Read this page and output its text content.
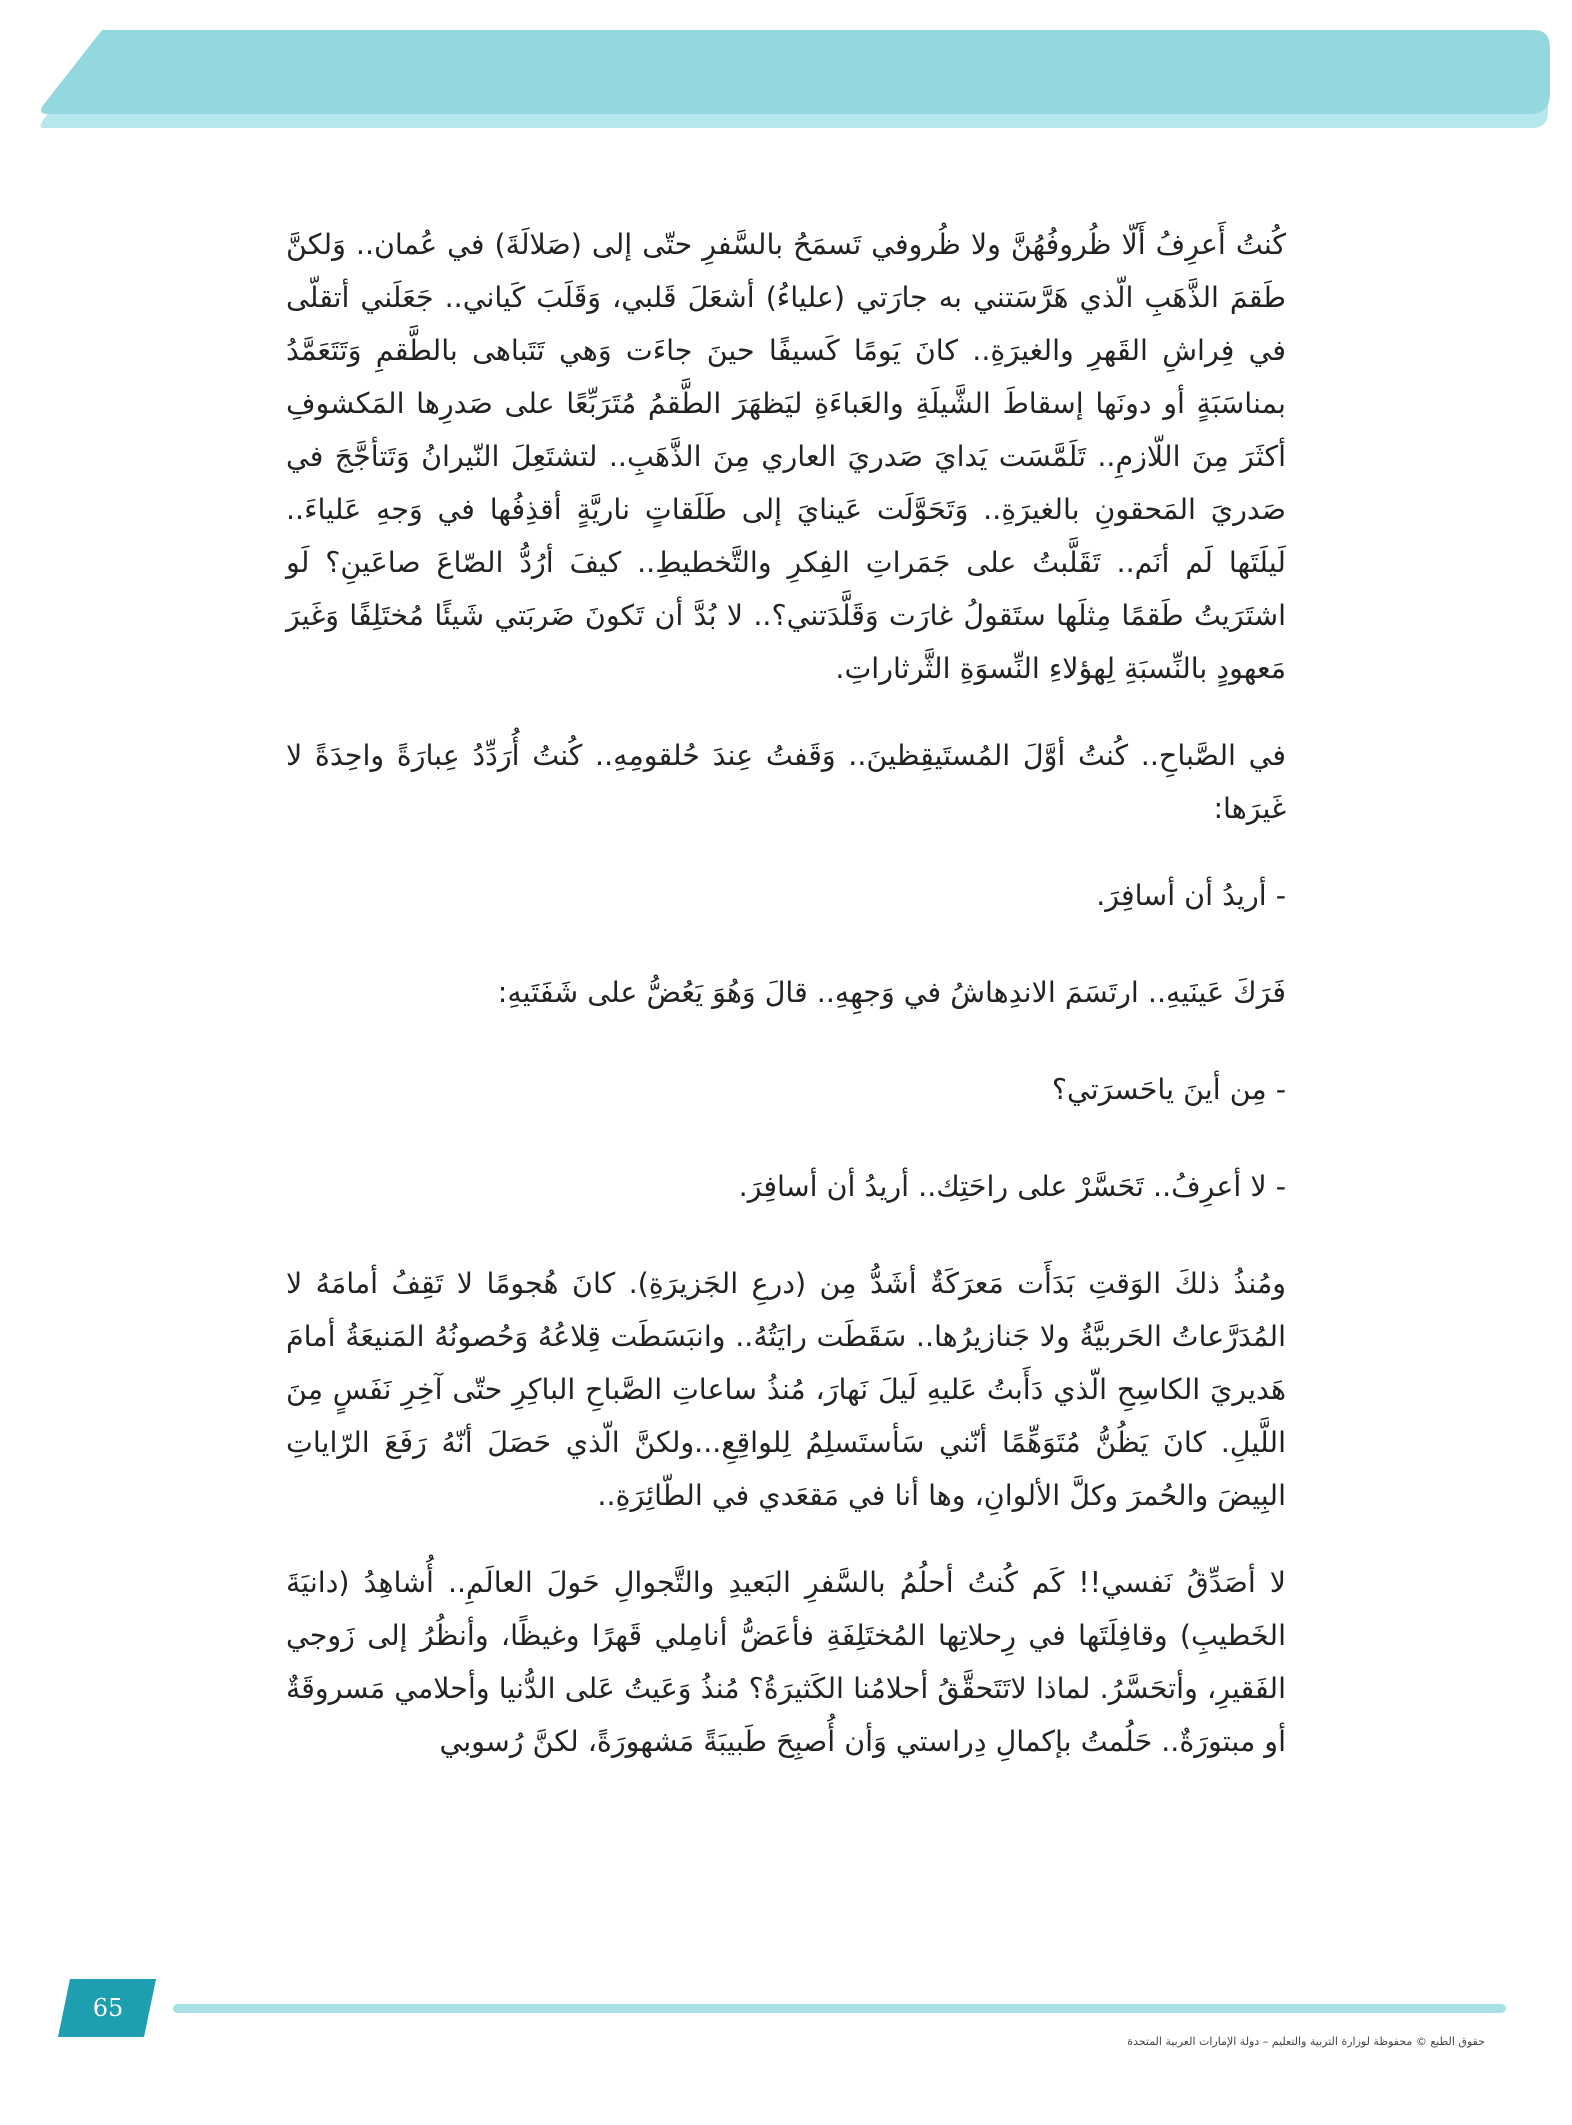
كُنتُ أَعرِفُ أَلّا ظُروفُهُنَّ ولا ظُروفي تَسمَحُ بالسَّفرِ حتّى إلى (صَلالَةَ) في عُمان.. وَلكنَّ طَقمَ الذَّهَبِ الّذي هَرَّسَتني به جارَتي (علياءُ) أشعَلَ قَلبي، وَقَلَبَ كَياني.. جَعَلَني أتقلّى في فِراشِ القَهرِ والغيرَةِ.. كانَ يَومًا كَسيفًا حينَ جاءَت وَهي تَتَباهى بالطَّقمِ وَتَتَعَمَّدُ بمناسَبَةٍ أو دونَها إسقاطَ الشَّيلَةِ والعَباءَةِ ليَظهَرَ الطَّقمُ مُتَرَبِّعًا على صَدرِها المَكشوفِ أكثَرَ مِنَ اللّازمِ.. تَلَمَّسَت يَدايَ صَدريَ العاري مِنَ الذَّهَبِ.. لتشتَعِلَ النّيرانُ وَتَتأجَّجَ في صَدريَ المَحقونِ بالغيرَةِ.. وَتَحَوَّلَت عَينايَ إلى طَلَقاتٍ ناريَّةٍ أقذِفُها في وَجهِ عَلياءَ.. لَيلَتَها لَم أنَم.. تَقَلَّبتُ على جَمَراتِ الفِكرِ والتَّخطيطِ.. كيفَ أرُدُّ الصّاعَ صاعَينِ؟ لَو اشتَرَيتُ طَقمًا مِثلَها ستَقولُ غارَت وَقَلَّدَتني؟.. لا بُدَّ أن تَكونَ ضَربَتي شَيئًا مُختَلِفًا وَغَيرَ مَعهودٍ بالنِّسبَةِ لِهؤلاءِ النِّسوَةِ الثَّرثاراتِ.

في الصَّباحِ.. كُنتُ أوَّلَ المُستَيقِظينَ.. وَقَفتُ عِندَ حُلقومِهِ.. كُنتُ أُرَدِّدُ عِبارَةً واحِدَةً لا غَيرَها:

- أريدُ أن أسافِرَ.

فَرَكَ عَينَيهِ.. ارتَسَمَ الاندِهاشُ في وَجهِهِ.. قالَ وَهُوَ يَعُضُّ على شَفَتَيهِ:

- مِن أينَ ياحَسرَتي؟

- لا أعرِفُ.. تَحَسَّرْ على راحَتِك.. أريدُ أن أسافِرَ.

ومُنذُ ذلكَ الوَقتِ بَدَأَت مَعرَكَةٌ أشَدُّ مِن (درعِ الجَزيرَةِ). كانَ هُجومًا لا تَقِفُ أمامَهُ لا المُدَرَّعاتُ الحَربيَّةُ ولا جَنازيرُها.. سَقَطَت رايَتُهُ.. وانبَسَطَت قِلاعُهُ وَحُصونُهُ المَنيعَةُ أمامَ هَديريَ الكاسِحِ الّذي دَأَبتُ عَليهِ لَيلَ نَهارَ، مُنذُ ساعاتِ الصَّباحِ الباكِرِ حتّى آخِرِ نَفَسٍ مِنَ اللَّيلِ. كانَ يَظُنُّ مُتَوَهِّمًا أنّني سَأستَسلِمُ لِلواقِعِ...ولكنَّ الّذي حَصَلَ أنّهُ رَفَعَ الرّاياتِ البِيضَ والحُمرَ وكلَّ الألوانِ، وها أنا في مَقعَدي في الطّائِرَةِ..

لا أصَدِّقُ نَفسي!! كَم كُنتُ أحلُمُ بالسَّفرِ البَعيدِ والتَّجوالِ حَولَ العالَمِ.. أُشاهِدُ (دانيَةَ الخَطيبِ) وقافِلَتَها في رِحلاتِها المُختَلِفَةِ فأعَضُّ أنامِلي قَهرًا وغيظًا، وأنظُرُ إلى زَوجي الفَقيرِ، وأتحَسَّرُ. لماذا لاتَتَحقَّقُ أحلامُنا الكَثيرَةُ؟ مُنذُ وَعَيتُ عَلى الدُّنيا وأحلامي مَسروقَةٌ أو مبتورَةٌ.. حَلُمتُ بإكمالِ دِراستي وَأن أُصبِحَ طَبيبَةً مَشهورَةً، لكنَّ رُسوبي

65
حقوق الطبع © محفوظة لوزارة التربية والتعليم – دولة الإمارات العربية المتحدة
